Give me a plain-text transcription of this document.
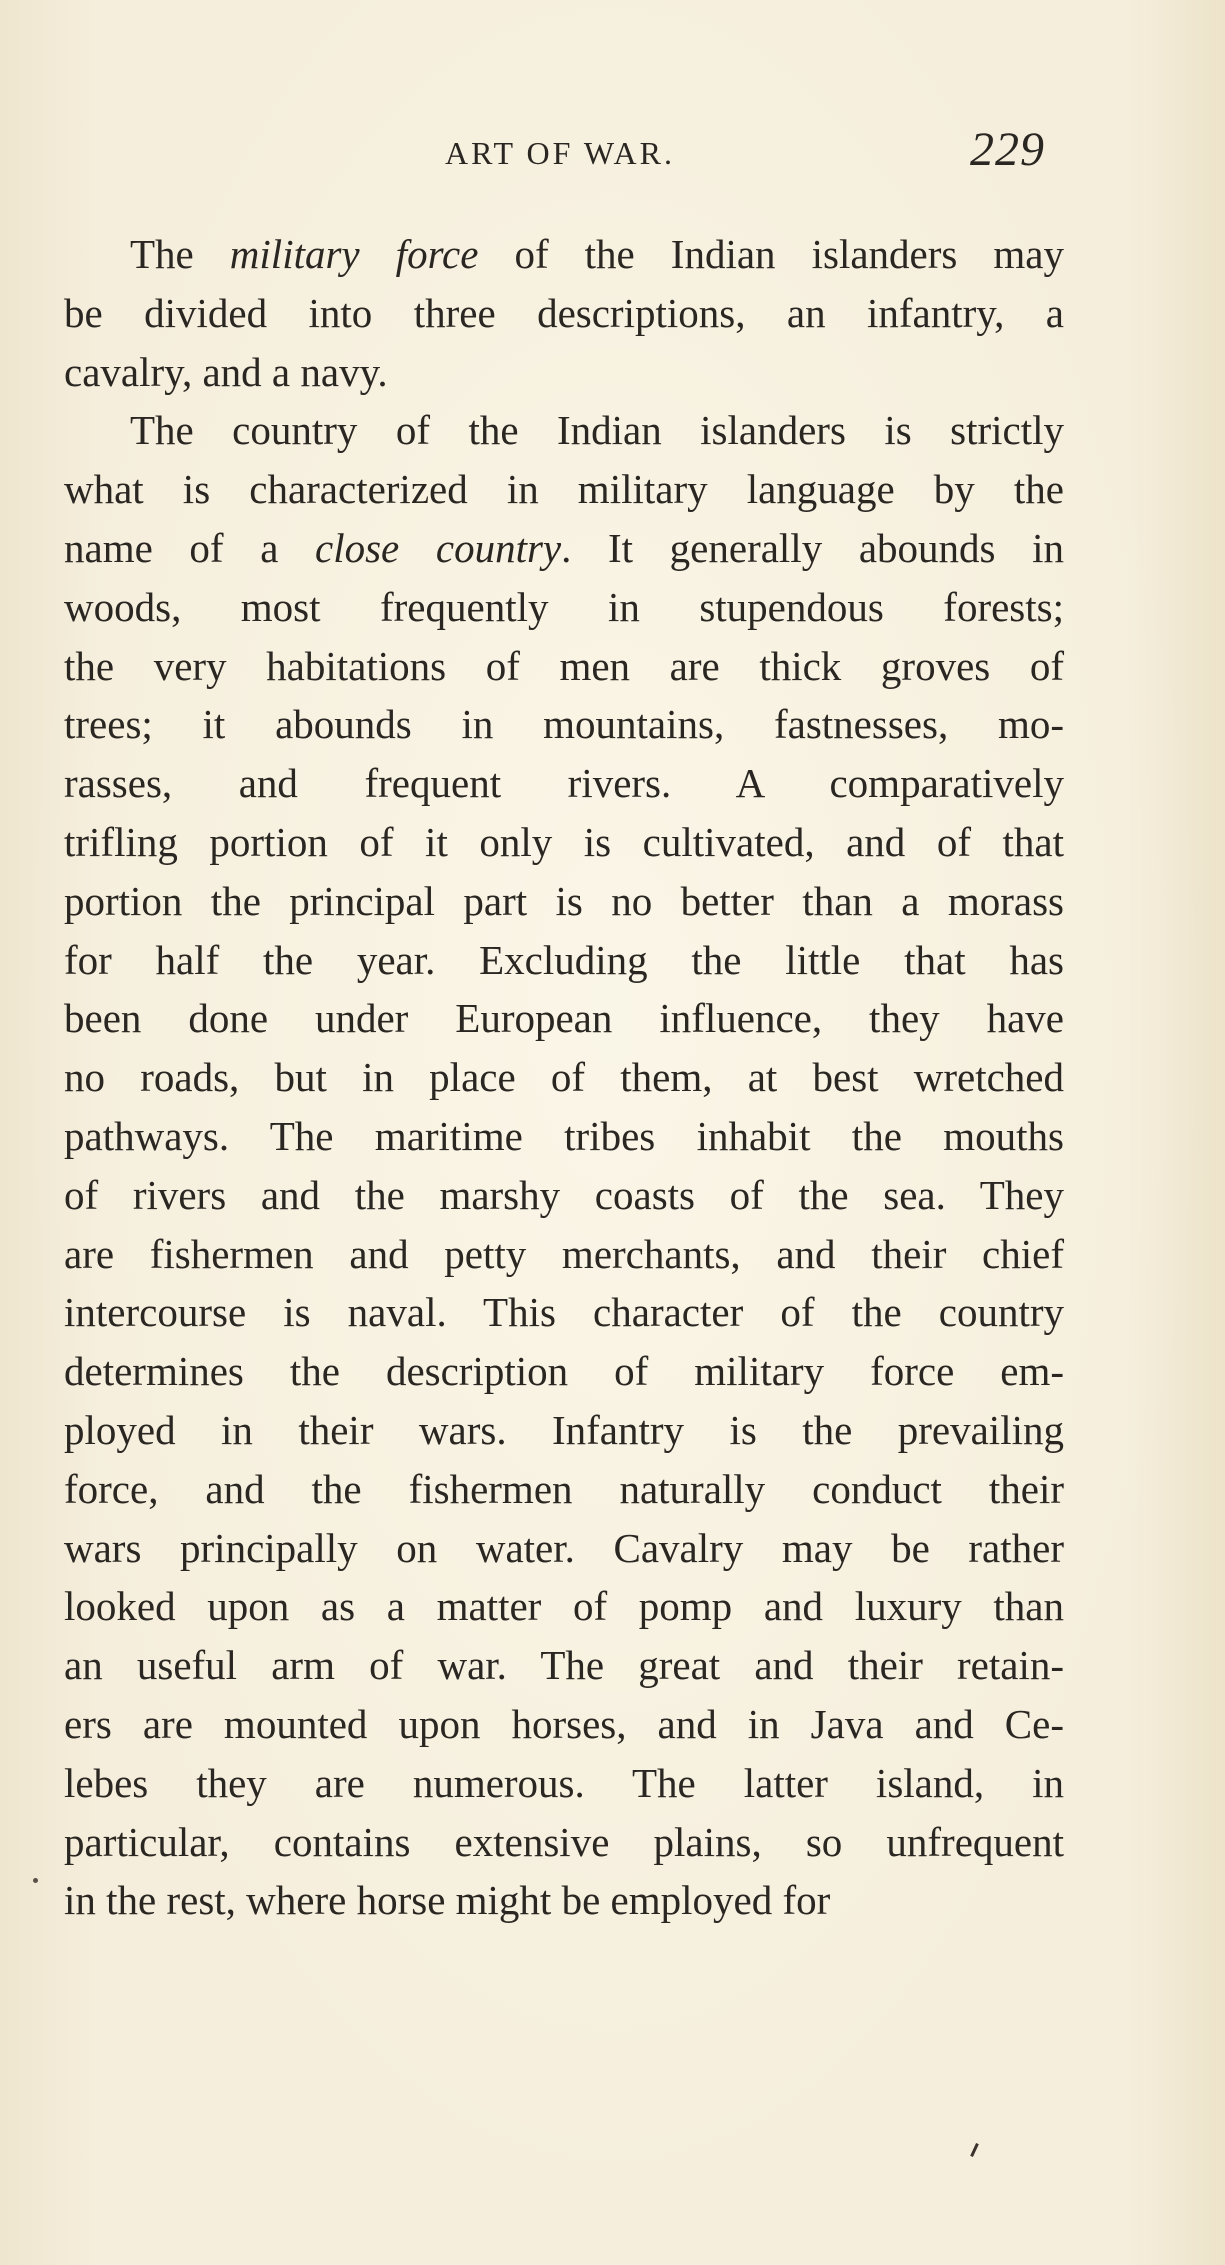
ART OF WAR.	229
The military force of the Indian islanders may
be divided into three descriptions, an infantry, a
cavalry, and a navy.
The country of the Indian islanders is strictly
what is characterized in military language by the
name of a close country. It generally abounds in
woods, most frequently in stupendous forests;
the very habitations of men are thick groves of
trees; it abounds in mountains, fastnesses, mo-
rasses, and frequent rivers. A comparatively
trifling portion of it only is cultivated, and of that
portion the principal part is no better than a morass
for half the year. Excluding the little that has
been done under European influence, they have
no roads, but in place of them, at best wretched
pathways. The maritime tribes inhabit the mouths
of rivers and the marshy coasts of the sea. They
are fishermen and petty merchants, and their chief
intercourse is naval. This character of the country
determines the description of military force em-
ployed in their wars. Infantry is the prevailing
force, and the fishermen naturally conduct their
wars principally on water. Cavalry may be rather
looked upon as a matter of pomp and luxury than
an useful arm of war. The great and their retain-
ers are mounted upon horses, and in Java and Ce-
lebes they are numerous. The latter island, in
particular, contains extensive plains, so unfrequent
in the rest, where horse might be employed for
